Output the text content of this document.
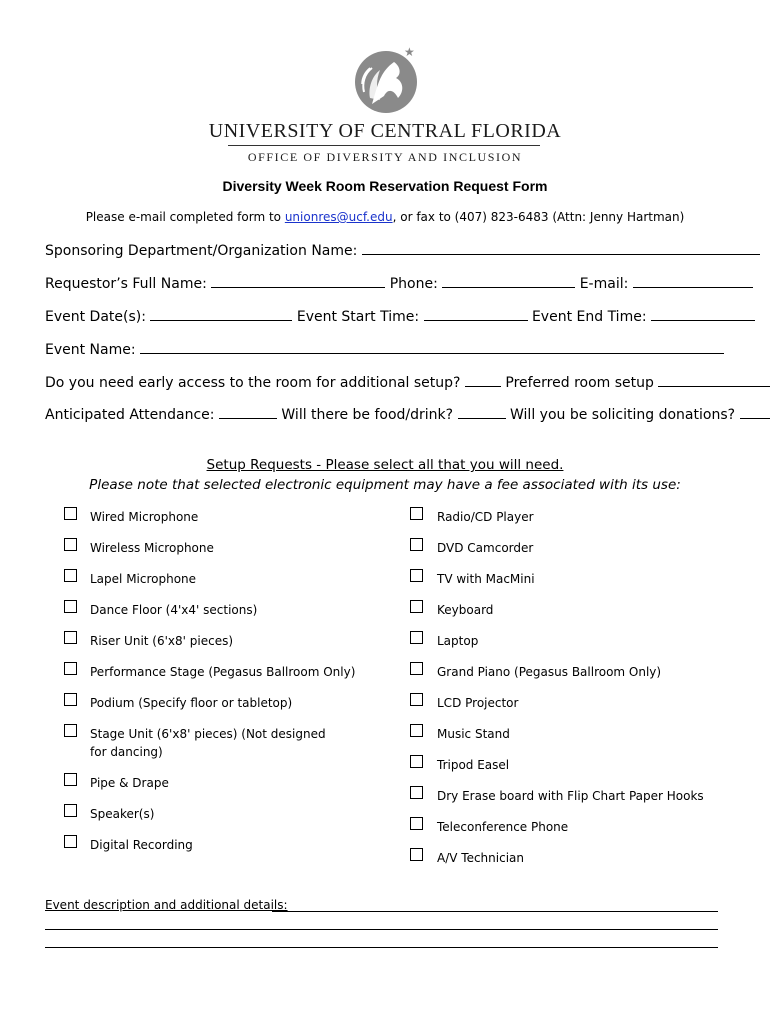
★
UNIVERSITY OF CENTRAL FLORIDA
OFFICE OF DIVERSITY AND INCLUSION
Diversity Week Room Reservation Request Form
Please e-mail completed form to unionres@ucf.edu, or fax to (407) 823-6483 (Attn: Jenny Hartman)
Sponsoring Department/Organization Name:
Requestor’s Full Name:	Phone:	E-mail:
Event Date(s):	Event Start Time:	Event End Time:
Event Name:
Do you need early access to the room for additional setup?	Preferred room setup
Anticipated Attendance:	Will there be food/drink?	Will you be soliciting donations?
Setup Requests - Please select all that you will need.
Please note that selected electronic equipment may have a fee associated with its use:
Wired Microphone
Wireless Microphone
Lapel Microphone
Dance Floor (4'x4' sections)
Riser Unit (6'x8' pieces)
Performance Stage (Pegasus Ballroom Only)
Podium (Specify floor or tabletop)
Stage Unit (6'x8' pieces) (Not designed for dancing)
Pipe & Drape
Speaker(s)
Digital Recording
Radio/CD Player
DVD Camcorder
TV with MacMini
Keyboard
Laptop
Grand Piano (Pegasus Ballroom Only)
LCD Projector
Music Stand
Tripod Easel
Dry Erase board with Flip Chart Paper Hooks
Teleconference Phone
A/V Technician
Event description and additional details:
